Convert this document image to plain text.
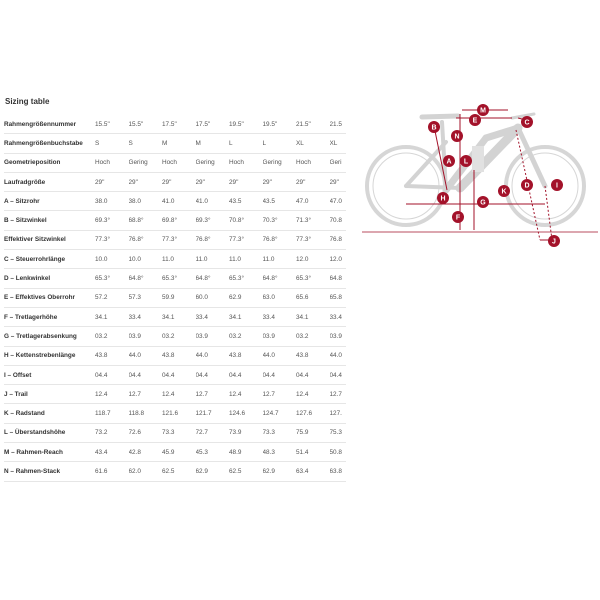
Sizing table
Rahmengrößennummer	15.5"	15.5"	17.5"	17.5"	19.5"	19.5"	21.5"	21.5
Rahmengrößenbuchstabe	S	S	M	M	L	L	XL	XL
Geometrieposition	Hoch	Gering	Hoch	Gering	Hoch	Gering	Hoch	Geri
Laufradgröße	29"	29"	29"	29"	29"	29"	29"	29"
A – Sitzrohr	38.0	38.0	41.0	41.0	43.5	43.5	47.0	47.0
B – Sitzwinkel	69.3°	68.8°	69.8°	69.3°	70.8°	70.3°	71.3°	70.8
Effektiver Sitzwinkel	77.3°	76.8°	77.3°	76.8°	77.3°	76.8°	77.3°	76.8
C – Steuerrohrlänge	10.0	10.0	11.0	11.0	11.0	11.0	12.0	12.0
D – Lenkwinkel	65.3°	64.8°	65.3°	64.8°	65.3°	64.8°	65.3°	64.8
E – Effektives Oberrohr	57.2	57.3	59.9	60.0	62.9	63.0	65.6	65.8
F – Tretlagerhöhe	34.1	33.4	34.1	33.4	34.1	33.4	34.1	33.4
G – Tretlagerabsenkung	03.2	03.9	03.2	03.9	03.2	03.9	03.2	03.9
H – Kettenstrebenlänge	43.8	44.0	43.8	44.0	43.8	44.0	43.8	44.0
I – Offset	04.4	04.4	04.4	04.4	04.4	04.4	04.4	04.4
J – Trail	12.4	12.7	12.4	12.7	12.4	12.7	12.4	12.7
K – Radstand	118.7	118.8	121.6	121.7	124.6	124.7	127.6	127.
L – Überstandshöhe	73.2	72.6	73.3	72.7	73.9	73.3	75.9	75.3
M – Rahmen-Reach	43.4	42.8	45.9	45.3	48.9	48.3	51.4	50.8
N – Rahmen-Stack	61.6	62.0	62.5	62.9	62.5	62.9	63.4	63.8
M
E	C
B
N
A L
D	I
K
H
G
F
J
